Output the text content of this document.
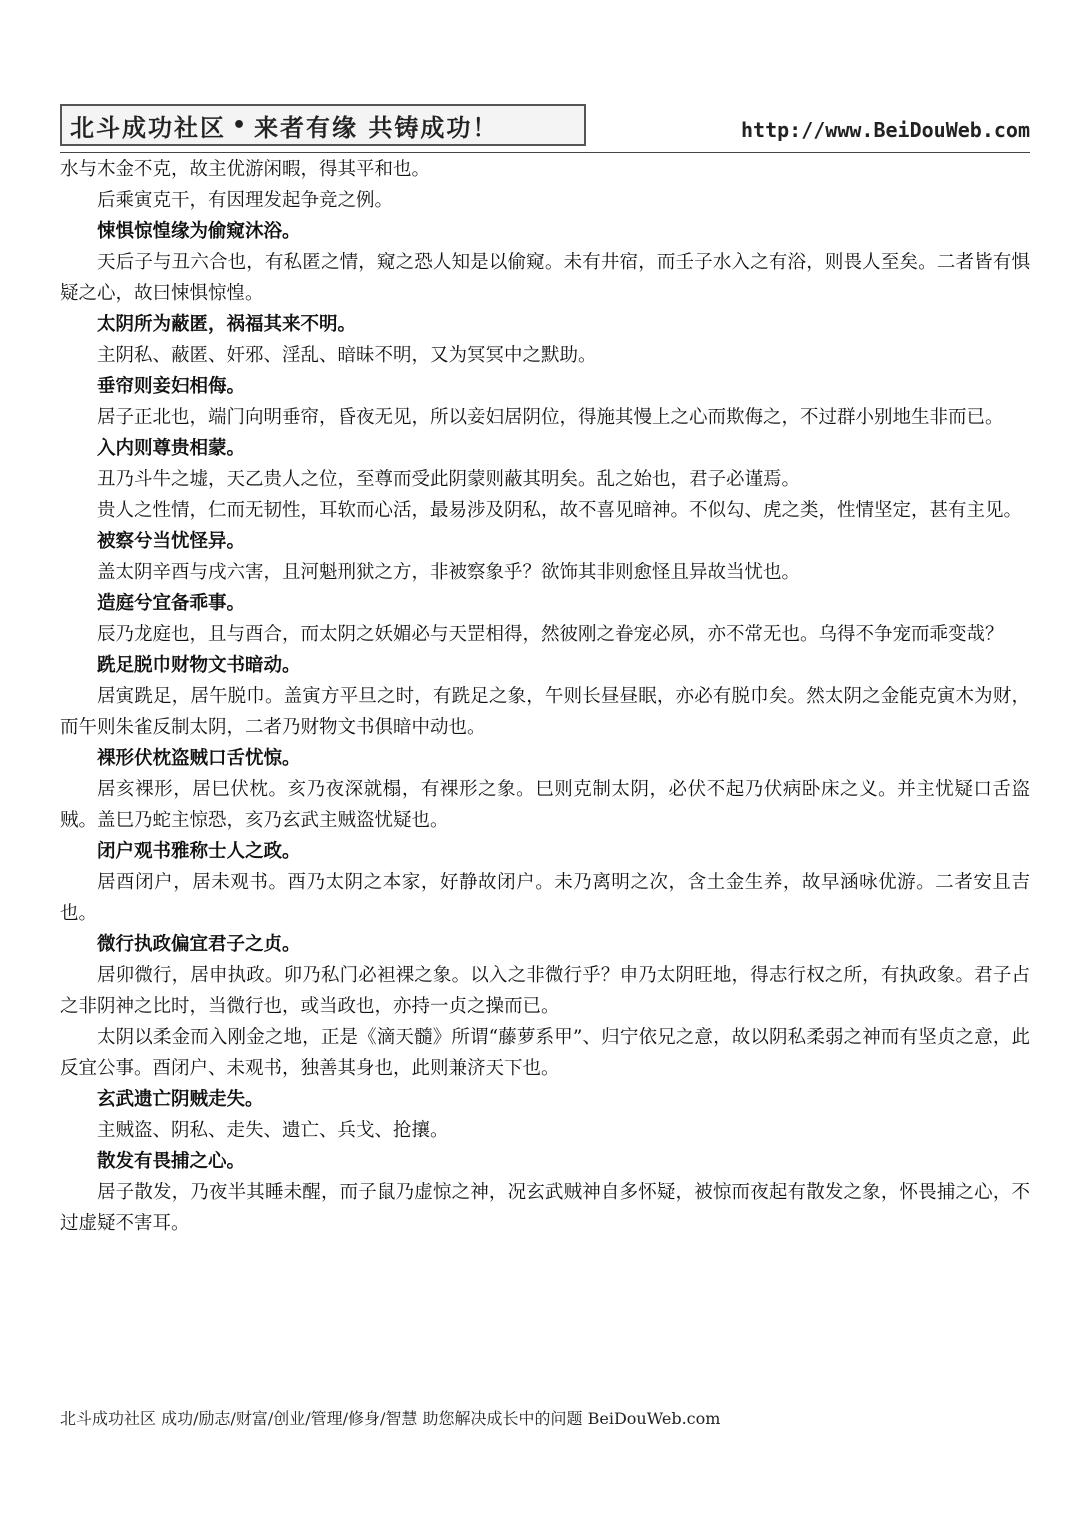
北斗成功社区 • 来者有缘 共铸成功！	http://www.BeiDouWeb.com

水与木金不克，故主优游闲暇，得其平和也。

后乘寅克干，有因理发起争竞之例。

悚惧惊惶缘为偷窥沐浴。

天后子与丑六合也，有私匿之情，窥之恐人知是以偷窥。未有井宿，而壬子水入之有浴，则畏人至矣。二者皆有惧疑之心，故曰悚惧惊惶。

太阴所为蔽匿，祸福其来不明。

主阴私、蔽匿、奸邪、淫乱、暗昧不明，又为冥冥中之默助。

垂帘则妾妇相侮。

居子正北也，端门向明垂帘，昏夜无见，所以妾妇居阴位，得施其慢上之心而欺侮之，不过群小别地生非而已。

入内则尊贵相蒙。

丑乃斗牛之墟，天乙贵人之位，至尊而受此阴蒙则蔽其明矣。乱之始也，君子必谨焉。

贵人之性情，仁而无韧性，耳软而心活，最易涉及阴私，故不喜见暗神。不似勾、虎之类，性情坚定，甚有主见。

被察兮当忧怪异。

盖太阴辛酉与戌六害，且河魁刑狱之方，非被察象乎？欲饰其非则愈怪且异故当忧也。

造庭兮宜备乖事。

辰乃龙庭也，且与酉合，而太阴之妖媚必与天罡相得，然彼刚之眷宠必夙，亦不常无也。乌得不争宠而乖变哉？

跣足脱巾财物文书暗动。

居寅跣足，居午脱巾。盖寅方平旦之时，有跣足之象，午则长昼昼眠，亦必有脱巾矣。然太阴之金能克寅木为财，而午则朱雀反制太阴，二者乃财物文书俱暗中动也。

裸形伏枕盗贼口舌忧惊。

居亥裸形，居巳伏枕。亥乃夜深就榻，有裸形之象。巳则克制太阴，必伏不起乃伏病卧床之义。并主忧疑口舌盗贼。盖巳乃蛇主惊恐，亥乃玄武主贼盗忧疑也。

闭户观书雅称士人之政。

居酉闭户，居未观书。酉乃太阴之本家，好静故闭户。未乃离明之次，含土金生养，故早涵咏优游。二者安且吉也。

微行执政偏宜君子之贞。

居卯微行，居申执政。卯乃私门必袒裸之象。以入之非微行乎？申乃太阴旺地，得志行权之所，有执政象。君子占之非阴神之比时，当微行也，或当政也，亦持一贞之操而已。

太阴以柔金而入刚金之地，正是《滴天髓》所谓“藤萝系甲”、归宁依兄之意，故以阴私柔弱之神而有坚贞之意，此反宜公事。酉闭户、未观书，独善其身也，此则兼济天下也。

玄武遗亡阴贼走失。

主贼盗、阴私、走失、遗亡、兵戈、抢攘。

散发有畏捕之心。

居子散发，乃夜半其睡未醒，而子鼠乃虚惊之神，况玄武贼神自多怀疑，被惊而夜起有散发之象，怀畏捕之心，不过虚疑不害耳。

北斗成功社区 成功/励志/财富/创业/管理/修身/智慧 助您解决成长中的问题 BeiDouWeb.com
